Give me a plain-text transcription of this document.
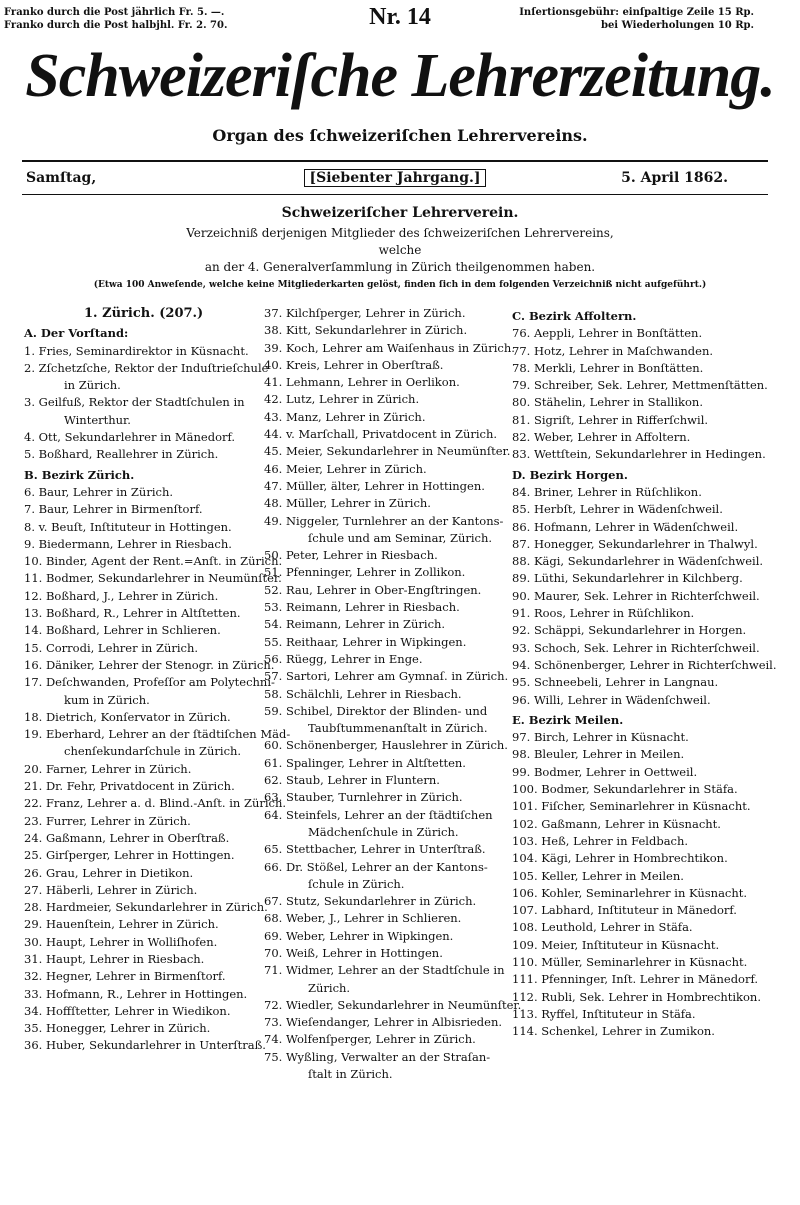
Franko durch die Post jährlich Fr. 5. —.
Franko durch die Post halbjhl. Fr. 2. 70.	Nr. 14	Inſertionsgebühr: einſpaltige Zeile 15 Rp.
bei Wiederholungen 10 Rp.
Schweizeriſche Lehrerzeitung.
Organ des ſchweizeriſchen Lehrervereins.
Samſtag,	[Siebenter Jahrgang.]	5. April 1862.
Schweizeriſcher Lehrerverein.
Verzeichniß derjenigen Mitglieder des ſchweizeriſchen Lehrervereins,
welche
an der 4. Generalverſammlung in Zürich theilgenommen haben.
(Etwa 100 Anweſende, welche keine Mitgliederkarten gelöst, finden ſich in dem folgenden Verzeichniß nicht aufgeführt.)
1. Zürich. (207.)
A. Der Vorſtand:
1. Fries, Seminardirektor in Küsnacht.
2. Zſchetzſche, Rektor der Induſtrieſchule
in Zürich.
3. Geilfuß, Rektor der Stadtſchulen in
Winterthur.
4. Ott, Sekundarlehrer in Mänedorf.
5. Boßhard, Reallehrer in Zürich.
B. Bezirk Zürich.
6. Baur, Lehrer in Zürich.
7. Baur, Lehrer in Birmenſtorf.
8. v. Beuſt, Inſtituteur in Hottingen.
9. Biedermann, Lehrer in Riesbach.
10. Binder, Agent der Rent.=Anſt. in Zürich.
11. Bodmer, Sekundarlehrer in Neumünſter.
12. Boßhard, J., Lehrer in Zürich.
13. Boßhard, R., Lehrer in Altſtetten.
14. Boßhard, Lehrer in Schlieren.
15. Corrodi, Lehrer in Zürich.
16. Däniker, Lehrer der Stenogr. in Zürich.
17. Deſchwanden, Profeſſor am Polytechni-
kum in Zürich.
18. Dietrich, Konſervator in Zürich.
19. Eberhard, Lehrer an der ſtädtiſchen Mäd-
chenſekundarſchule in Zürich.
20. Farner, Lehrer in Zürich.
21. Dr. Fehr, Privatdocent in Zürich.
22. Franz, Lehrer a. d. Blind.-Anſt. in Zürich.
23. Furrer, Lehrer in Zürich.
24. Gaßmann, Lehrer in Oberſtraß.
25. Girſperger, Lehrer in Hottingen.
26. Grau, Lehrer in Dietikon.
27. Häberli, Lehrer in Zürich.
28. Hardmeier, Sekundarlehrer in Zürich.
29. Hauenſtein, Lehrer in Zürich.
30. Haupt, Lehrer in Wolliſhofen.
31. Haupt, Lehrer in Riesbach.
32. Hegner, Lehrer in Birmenſtorf.
33. Hofmann, R., Lehrer in Hottingen.
34. Hoffſtetter, Lehrer in Wiedikon.
35. Honegger, Lehrer in Zürich.
36. Huber, Sekundarlehrer in Unterſtraß.
37. Kilchſperger, Lehrer in Zürich.
38. Kitt, Sekundarlehrer in Zürich.
39. Koch, Lehrer am Waiſenhaus in Zürich.
40. Kreis, Lehrer in Oberſtraß.
41. Lehmann, Lehrer in Oerlikon.
42. Lutz, Lehrer in Zürich.
43. Manz, Lehrer in Zürich.
44. v. Marſchall, Privatdocent in Zürich.
45. Meier, Sekundarlehrer in Neumünſter.
46. Meier, Lehrer in Zürich.
47. Müller, älter, Lehrer in Hottingen.
48. Müller, Lehrer in Zürich.
49. Niggeler, Turnlehrer an der Kantons-
ſchule und am Seminar, Zürich.
50. Peter, Lehrer in Riesbach.
51. Pfenninger, Lehrer in Zollikon.
52. Rau, Lehrer in Ober-Engſtringen.
53. Reimann, Lehrer in Riesbach.
54. Reimann, Lehrer in Zürich.
55. Reithaar, Lehrer in Wipkingen.
56. Rüegg, Lehrer in Enge.
57. Sartori, Lehrer am Gymnaſ. in Zürich.
58. Schälchli, Lehrer in Riesbach.
59. Schibel, Direktor der Blinden- und
Taubſtummenanſtalt in Zürich.
60. Schönenberger, Hauslehrer in Zürich.
61. Spalinger, Lehrer in Altſtetten.
62. Staub, Lehrer in Fluntern.
63. Stauber, Turnlehrer in Zürich.
64. Steinfels, Lehrer an der ſtädtiſchen
Mädchenſchule in Zürich.
65. Stettbacher, Lehrer in Unterſtraß.
66. Dr. Stößel, Lehrer an der Kantons-
ſchule in Zürich.
67. Stutz, Sekundarlehrer in Zürich.
68. Weber, J., Lehrer in Schlieren.
69. Weber, Lehrer in Wipkingen.
70. Weiß, Lehrer in Hottingen.
71. Widmer, Lehrer an der Stadtſchule in
Zürich.
72. Wiedler, Sekundarlehrer in Neumünſter.
73. Wieſendanger, Lehrer in Albisrieden.
74. Wolfenſperger, Lehrer in Zürich.
75. Wyßling, Verwalter an der Straſan-
ſtalt in Zürich.
C. Bezirk Affoltern.
76. Aeppli, Lehrer in Bonſtätten.
77. Hotz, Lehrer in Maſchwanden.
78. Merkli, Lehrer in Bonſtätten.
79. Schreiber, Sek. Lehrer, Mettmenſtätten.
80. Stähelin, Lehrer in Stallikon.
81. Sigriſt, Lehrer in Rifferſchwil.
82. Weber, Lehrer in Affoltern.
83. Wettſtein, Sekundarlehrer in Hedingen.
D. Bezirk Horgen.
84. Briner, Lehrer in Rüſchlikon.
85. Herbſt, Lehrer in Wädenſchweil.
86. Hofmann, Lehrer in Wädenſchweil.
87. Honegger, Sekundarlehrer in Thalwyl.
88. Kägi, Sekundarlehrer in Wädenſchweil.
89. Lüthi, Sekundarlehrer in Kilchberg.
90. Maurer, Sek. Lehrer in Richterſchweil.
91. Roos, Lehrer in Rüſchlikon.
92. Schäppi, Sekundarlehrer in Horgen.
93. Schoch, Sek. Lehrer in Richterſchweil.
94. Schönenberger, Lehrer in Richterſchweil.
95. Schneebeli, Lehrer in Langnau.
96. Willi, Lehrer in Wädenſchweil.
E. Bezirk Meilen.
97. Birch, Lehrer in Küsnacht.
98. Bleuler, Lehrer in Meilen.
99. Bodmer, Lehrer in Oettweil.
100. Bodmer, Sekundarlehrer in Stäfa.
101. Fiſcher, Seminarlehrer in Küsnacht.
102. Gaßmann, Lehrer in Küsnacht.
103. Heß, Lehrer in Feldbach.
104. Kägi, Lehrer in Hombrechtikon.
105. Keller, Lehrer in Meilen.
106. Kohler, Seminarlehrer in Küsnacht.
107. Labhard, Inſtituteur in Mänedorf.
108. Leuthold, Lehrer in Stäfa.
109. Meier, Inſtituteur in Küsnacht.
110. Müller, Seminarlehrer in Küsnacht.
111. Pfenninger, Inſt. Lehrer in Mänedorf.
112. Rubli, Sek. Lehrer in Hombrechtikon.
113. Ryffel, Inſtituteur in Stäfa.
114. Schenkel, Lehrer in Zumikon.
